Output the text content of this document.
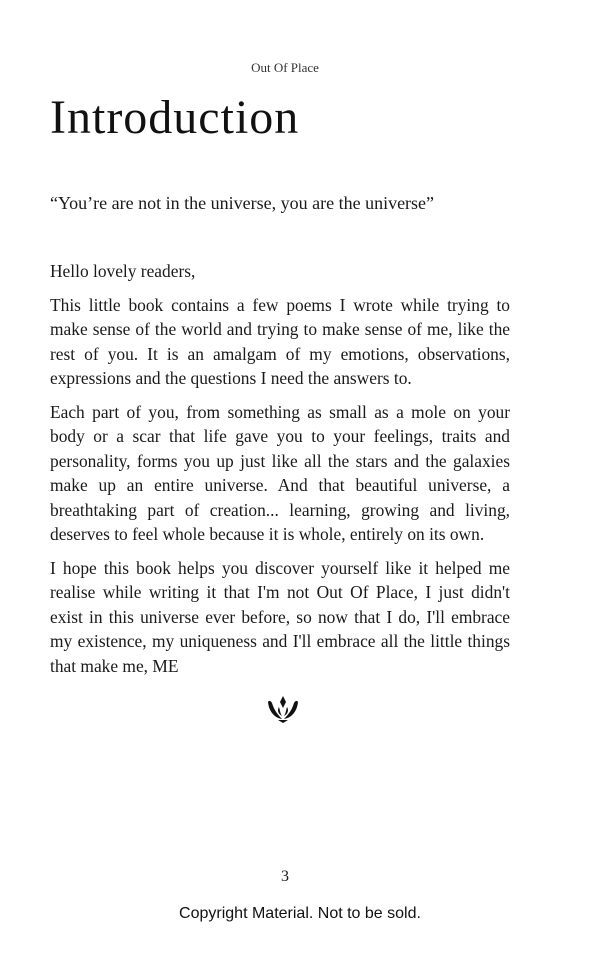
Out Of Place
Introduction

“You’re are not in the universe, you are the universe”

Hello lovely readers,

This little book contains a few poems I wrote while trying to make sense of the world and trying to make sense of me, like the rest of you. It is an amalgam of my emotions, observations, expressions and the questions I need the answers to.

Each part of you, from something as small as a mole on your body or a scar that life gave you to your feelings, traits and personality, forms you up just like all the stars and the galaxies make up an entire universe. And that beautiful universe, a breathtaking part of creation... learning, growing and living, deserves to feel whole because it is whole, entirely on its own.

I hope this book helps you discover yourself like it helped me realise while writing it that I'm not Out Of Place, I just didn't exist in this universe ever before, so now that I do, I'll embrace my existence, my uniqueness and I'll embrace all the little things that make me, ME

3
Copyright Material. Not to be sold.
